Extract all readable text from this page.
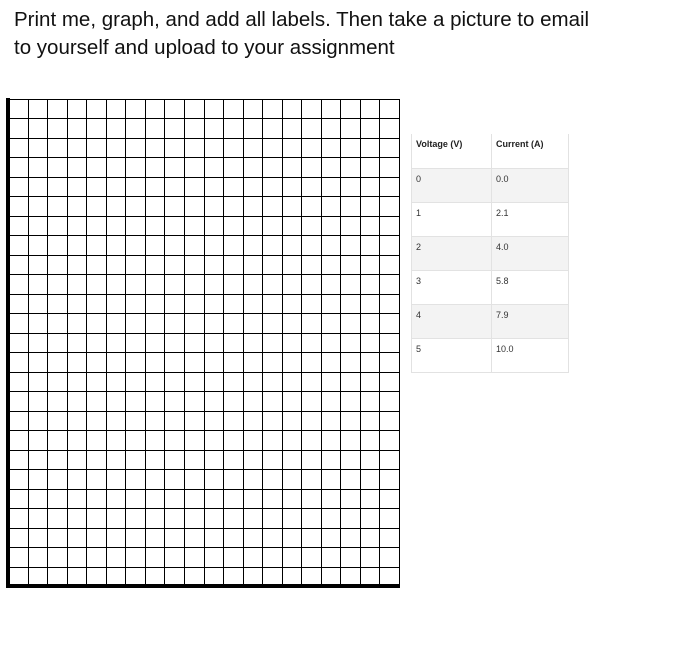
Print me, graph, and add all labels. Then take a picture to email
to yourself and upload to your assignment
Voltage (V)	Current (A)
0	0.0
1	2.1
2	4.0
3	5.8
4	7.9
5	10.0
